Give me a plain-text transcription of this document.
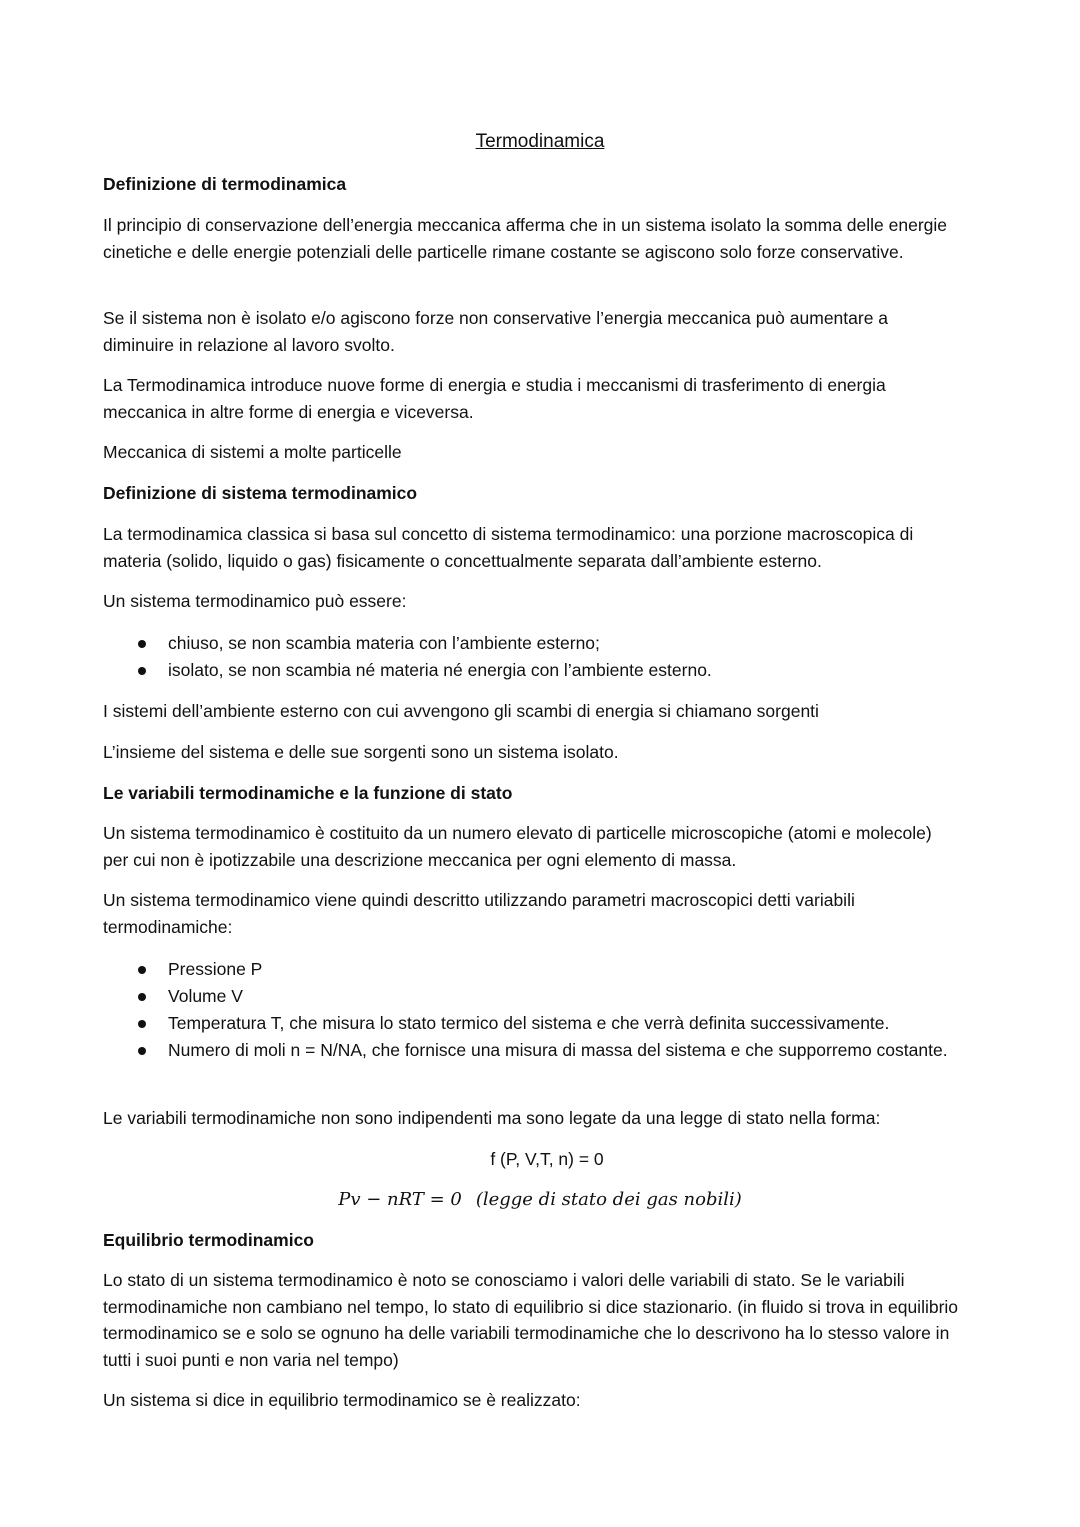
Termodinamica
Definizione di termodinamica

Il principio di conservazione dell’energia meccanica afferma che in un sistema isolato la somma delle energie cinetiche e delle energie potenziali delle particelle rimane costante se agiscono solo forze conservative.

Se il sistema non è isolato e/o agiscono forze non conservative l’energia meccanica può aumentare a diminuire in relazione al lavoro svolto.

La Termodinamica introduce nuove forme di energia e studia i meccanismi di trasferimento di energia meccanica in altre forme di energia e viceversa.

Meccanica di sistemi a molte particelle

Definizione di sistema termodinamico

La termodinamica classica si basa sul concetto di sistema termodinamico: una porzione macroscopica di materia (solido, liquido o gas) fisicamente o concettualmente separata dall’ambiente esterno.

Un sistema termodinamico può essere:

chiuso, se non scambia materia con l’ambiente esterno;
isolato, se non scambia né materia né energia con l’ambiente esterno.

I sistemi dell’ambiente esterno con cui avvengono gli scambi di energia si chiamano sorgenti

L’insieme del sistema e delle sue sorgenti sono un sistema isolato.

Le variabili termodinamiche e la funzione di stato

Un sistema termodinamico è costituito da un numero elevato di particelle microscopiche (atomi e molecole) per cui non è ipotizzabile una descrizione meccanica per ogni elemento di massa.

Un sistema termodinamico viene quindi descritto utilizzando parametri macroscopici detti variabili termodinamiche:

Pressione P
Volume V
Temperatura T, che misura lo stato termico del sistema e che verrà definita successivamente.
Numero di moli n = N/NA, che fornisce una misura di massa del sistema e che supporremo costante.

Le variabili termodinamiche non sono indipendenti ma sono legate da una legge di stato nella forma:

f (P, V,T, n) = 0
Pv − nRT = 0 (legge di stato dei gas nobili)
Equilibrio termodinamico

Lo stato di un sistema termodinamico è noto se conosciamo i valori delle variabili di stato. Se le variabili termodinamiche non cambiano nel tempo, lo stato di equilibrio si dice stazionario. (in fluido si trova in equilibrio termodinamico se e solo se ognuno ha delle variabili termodinamiche che lo descrivono ha lo stesso valore in tutti i suoi punti e non varia nel tempo)

Un sistema si dice in equilibrio termodinamico se è realizzato:
